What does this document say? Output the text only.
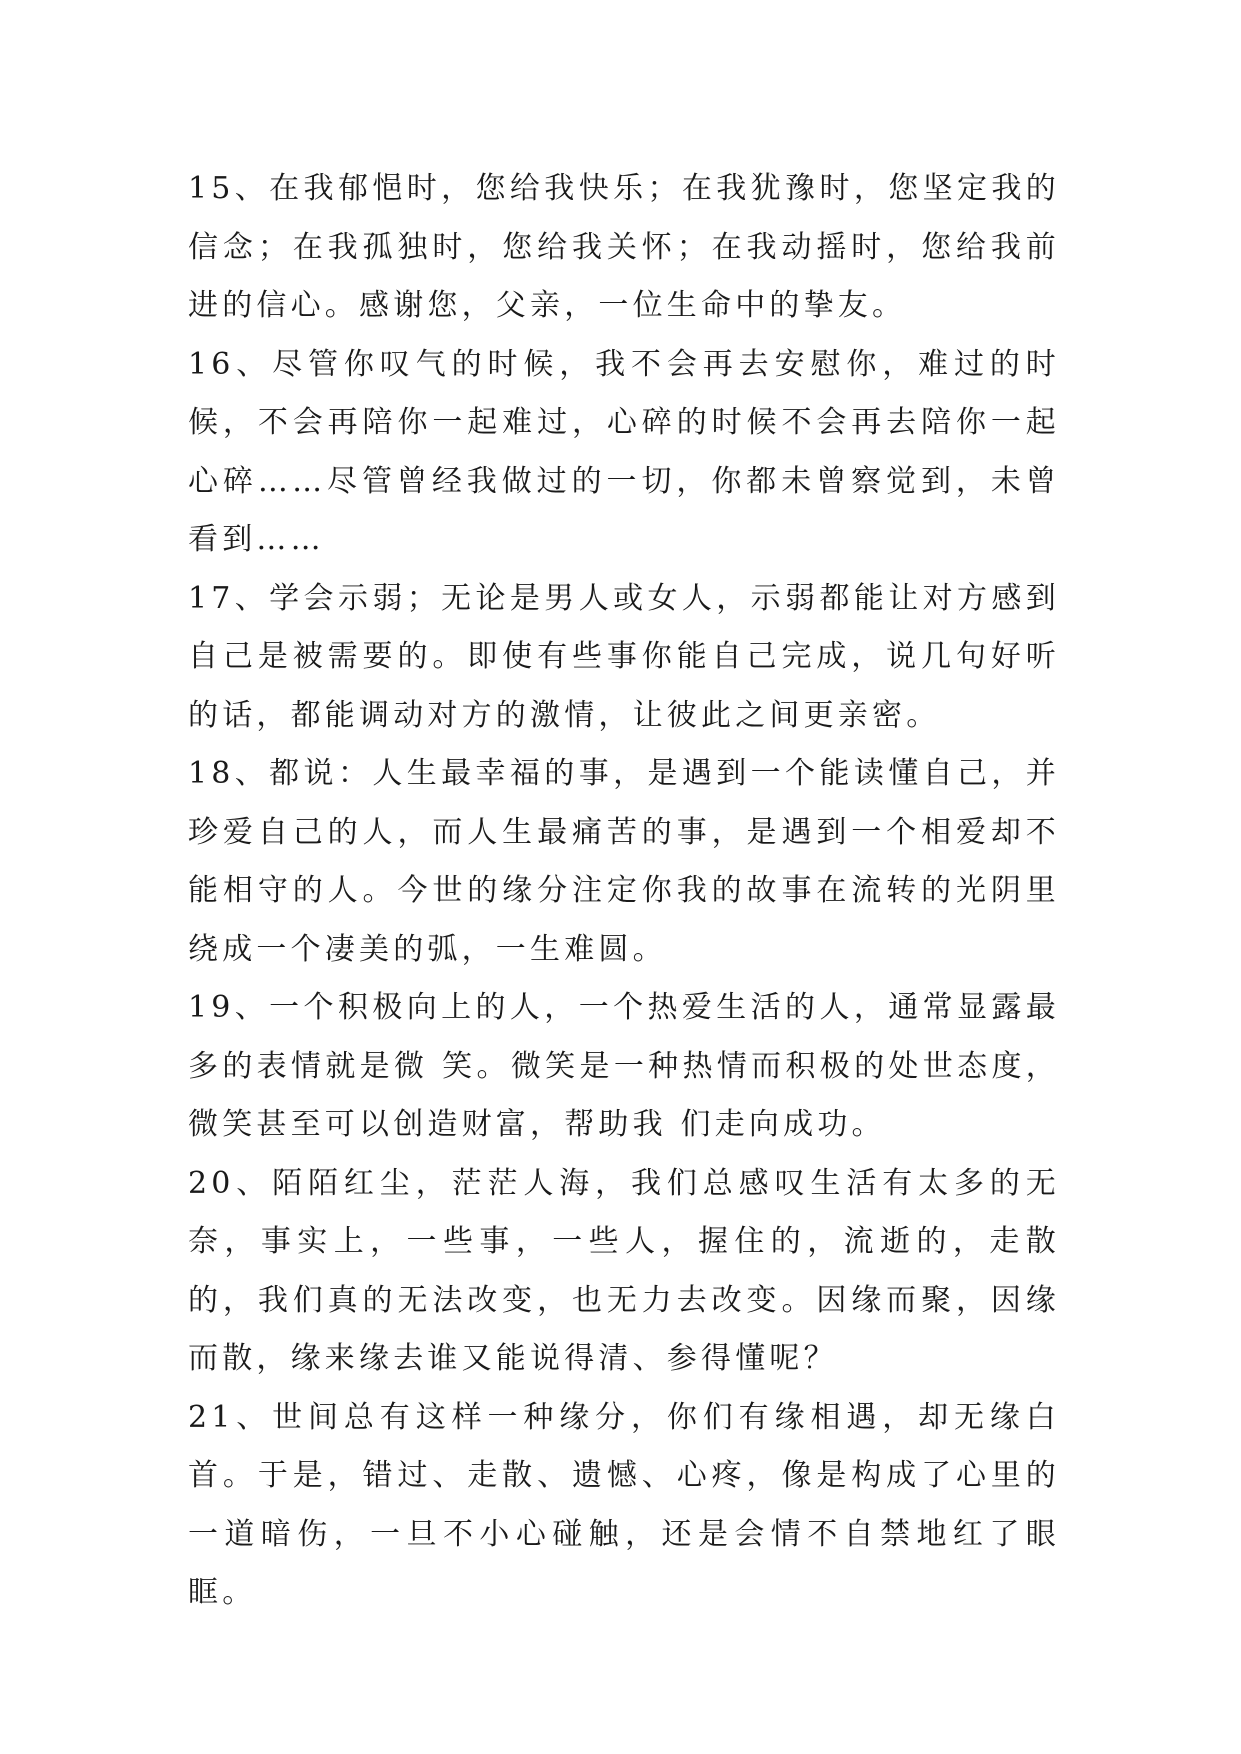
15、在我郁悒时，您给我快乐；在我犹豫时，您坚定我的信念；在我孤独时，您给我关怀；在我动摇时，您给我前进的信心。感谢您，父亲，一位生命中的挚友。

16、尽管你叹气的时候，我不会再去安慰你，难过的时候，不会再陪你一起难过，心碎的时候不会再去陪你一起心碎……尽管曾经我做过的一切，你都未曾察觉到，未曾看到……

17、学会示弱；无论是男人或女人，示弱都能让对方感到自己是被需要的。即使有些事你能自己完成，说几句好听的话，都能调动对方的激情，让彼此之间更亲密。

18、都说：人生最幸福的事，是遇到一个能读懂自己，并珍爱自己的人，而人生最痛苦的事，是遇到一个相爱却不能相守的人。今世的缘分注定你我的故事在流转的光阴里绕成一个凄美的弧，一生难圆。

19、一个积极向上的人，一个热爱生活的人，通常显露最多的表情就是微 笑。微笑是一种热情而积极的处世态度，微笑甚至可以创造财富，帮助我 们走向成功。

20、陌陌红尘，茫茫人海，我们总感叹生活有太多的无奈，事实上，一些事，一些人，握住的，流逝的，走散的，我们真的无法改变，也无力去改变。因缘而聚，因缘而散，缘来缘去谁又能说得清、参得懂呢？

21、世间总有这样一种缘分，你们有缘相遇，却无缘白首。于是，错过、走散、遗憾、心疼，像是构成了心里的一道暗伤，一旦不小心碰触，还是会情不自禁地红了眼眶。
